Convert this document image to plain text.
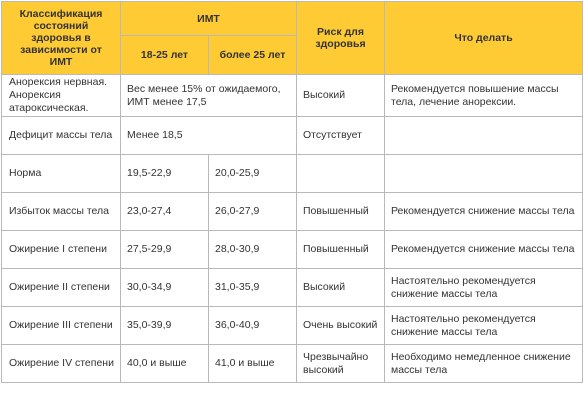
Классификация состояний здоровья в зависимости от ИМТ	ИМТ		Риск для здоровья	Что делать
	18-25 лет	более 25 лет		
Анорексия нервная. Анорексия атароксическая.	Вес менее 15% от ожидаемого, ИМТ менее 17,5		Высокий	Рекомендуется повышение массы тела, лечение анорексии.
Дефицит массы тела	Менее 18,5		Отсутствует	
Норма	19,5-22,9	20,0-25,9		
Избыток массы тела	23,0-27,4	26,0-27,9	Повышенный	Рекомендуется снижение массы тела
Ожирение I степени	27,5-29,9	28,0-30,9	Повышенный	Рекомендуется снижение массы тела
Ожирение II степени	30,0-34,9	31,0-35,9	Высокий	Настоятельно рекомендуется снижение массы тела
Ожирение III степени	35,0-39,9	36,0-40,9	Очень высокий	Настоятельно рекомендуется снижение массы тела
Ожирение IV степени	40,0 и выше	41,0 и выше	Чрезвычайно высокий	Необходимо немедленное снижение массы тела
